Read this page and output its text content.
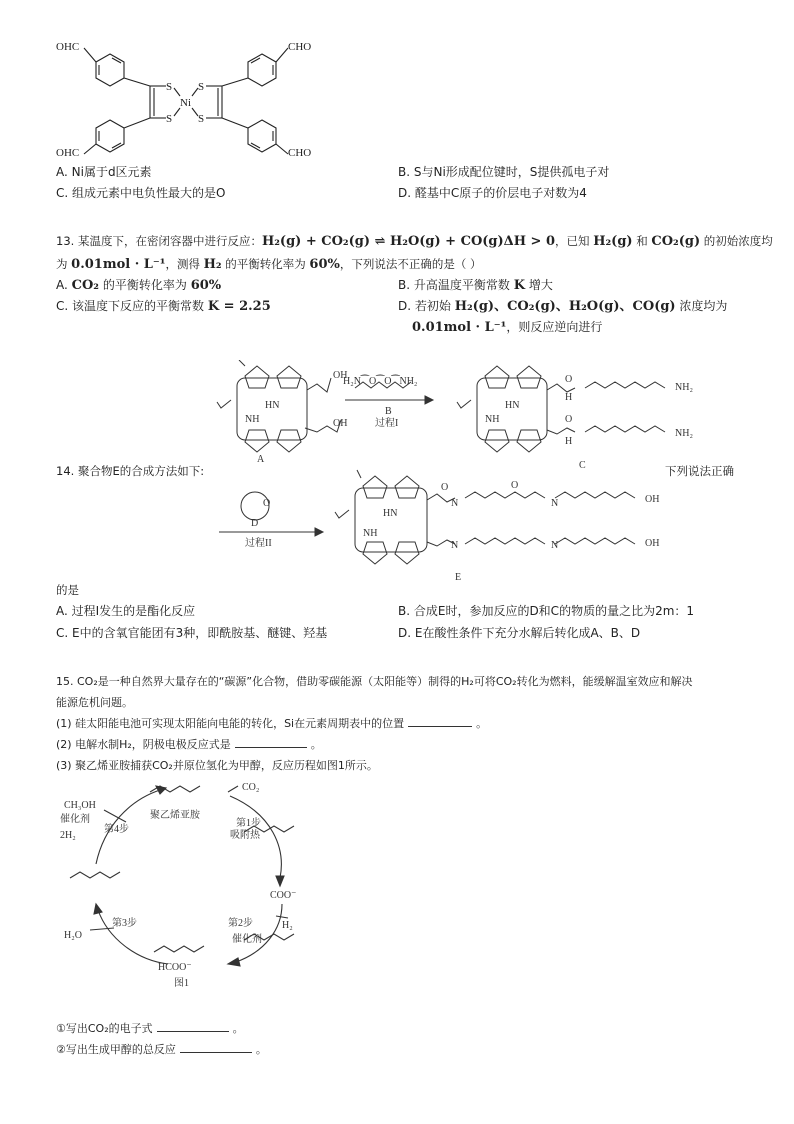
OHC
OHC
CHO
CHO
S
S
S
S
Ni
A. Ni属于d区元素	B. S与Ni形成配位键时，S提供孤电子对
C. 组成元素中电负性最大的是O	D. 醛基中C原子的价层电子对数为4
13. 某温度下，在密闭容器中进行反应：H₂(g) + CO₂(g) ⇌ H₂O(g) + CO(g)ΔH > 0，已知 H₂(g) 和 CO₂(g) 的初始浓度均
为 0.01mol · L⁻¹，测得 H₂ 的平衡转化率为 60%，下列说法不正确的是（ ）
A. CO₂ 的平衡转化率为 60%	B. 升高温度平衡常数 K 增大
C. 该温度下反应的平衡常数 K = 2.25	D. 若初始 H₂(g)、CO₂(g)、H₂O(g)、CO(g) 浓度均为
0.01mol · L⁻¹，则反应逆向进行
OH
OH
HN
NH
A
H₂N⁀O⁀O⁀NH₂
B
过程I
HN
NH
O
H
O
H
NH₂
NH₂
C
O
D
过程II
HN
NH
O
N
O
N	OH
N	N	OH
E
14. 聚合物E的合成方法如下:	下列说法正确
的是
A. 过程Ⅰ发生的是酯化反应	B. 合成E时，参加反应的D和C的物质的量之比为2m：1
C. E中的含氧官能团有3种，即酰胺基、醚键、羟基	D. E在酸性条件下充分水解后转化成A、B、D
15. CO₂是一种自然界大量存在的“碳源”化合物，借助零碳能源（太阳能等）制得的H₂可将CO₂转化为燃料，能缓解温室效应和解决
能源危机问题。
(1) 硅太阳能电池可实现太阳能向电能的转化，Si在元素周期表中的位置	。
(2) 电解水制H₂，阴极电极反应式是	。
(3) 聚乙烯亚胺捕获CO₂并原位氢化为甲醇，反应历程如图1所示。
聚乙烯亚胺
CO₂
第1步
吸附热
COO⁻
第2步	H₂
催化剂
HCOO⁻
图1
第3步
H₂O
第4步
催化剂
2H₂
CH₃OH
①写出CO₂的电子式	。
②写出生成甲醇的总反应	。
